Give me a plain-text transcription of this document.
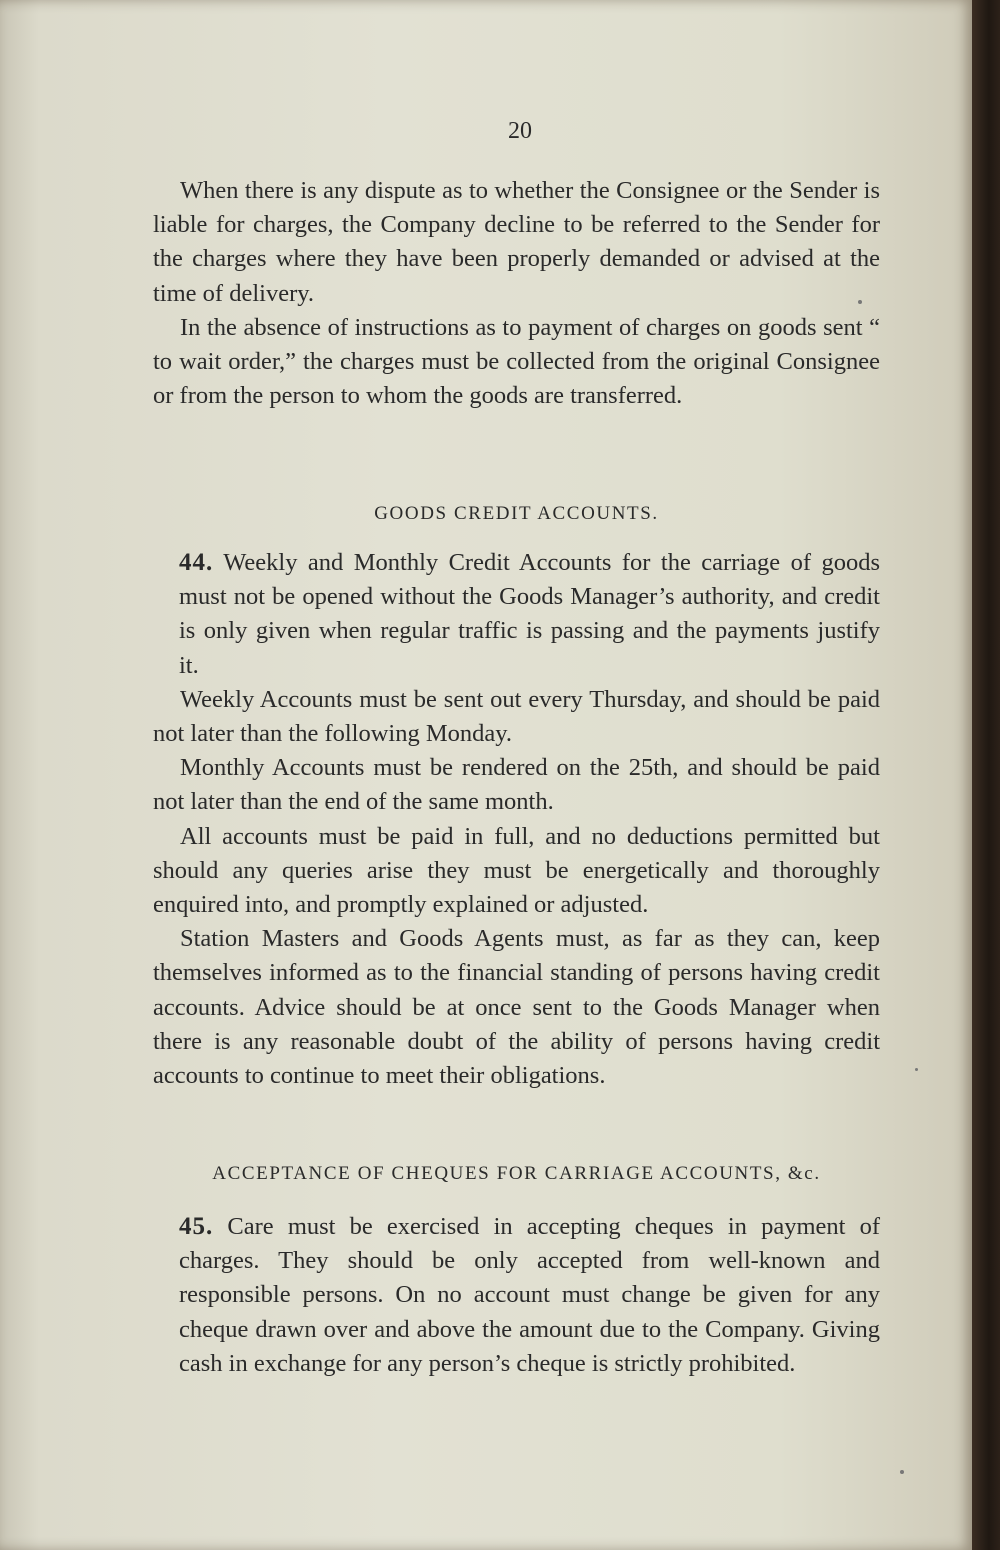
20

When there is any dispute as to whether the Consignee or the Sender is liable for charges, the Company decline to be referred to the Sender for the charges where they have been properly demanded or advised at the time of delivery.

In the absence of instructions as to payment of charges on goods sent “ to wait order,” the charges must be collected from the original Consignee or from the person to whom the goods are transferred.

GOODS CREDIT ACCOUNTS.

44. Weekly and Monthly Credit Accounts for the carriage of goods must not be opened without the Goods Manager’s authority, and credit is only given when regular traffic is passing and the payments justify it.

Weekly Accounts must be sent out every Thursday, and should be paid not later than the following Monday.

Monthly Accounts must be rendered on the 25th, and should be paid not later than the end of the same month.

All accounts must be paid in full, and no deductions permitted but should any queries arise they must be energetically and thoroughly enquired into, and promptly explained or adjusted.

Station Masters and Goods Agents must, as far as they can, keep themselves informed as to the financial standing of persons having credit accounts. Advice should be at once sent to the Goods Manager when there is any reasonable doubt of the ability of persons having credit accounts to continue to meet their obligations.

ACCEPTANCE OF CHEQUES FOR CARRIAGE ACCOUNTS, &c.

45. Care must be exercised in accepting cheques in payment of charges. They should be only accepted from well-known and responsible persons. On no account must change be given for any cheque drawn over and above the amount due to the Company. Giving cash in exchange for any person’s cheque is strictly prohibited.
